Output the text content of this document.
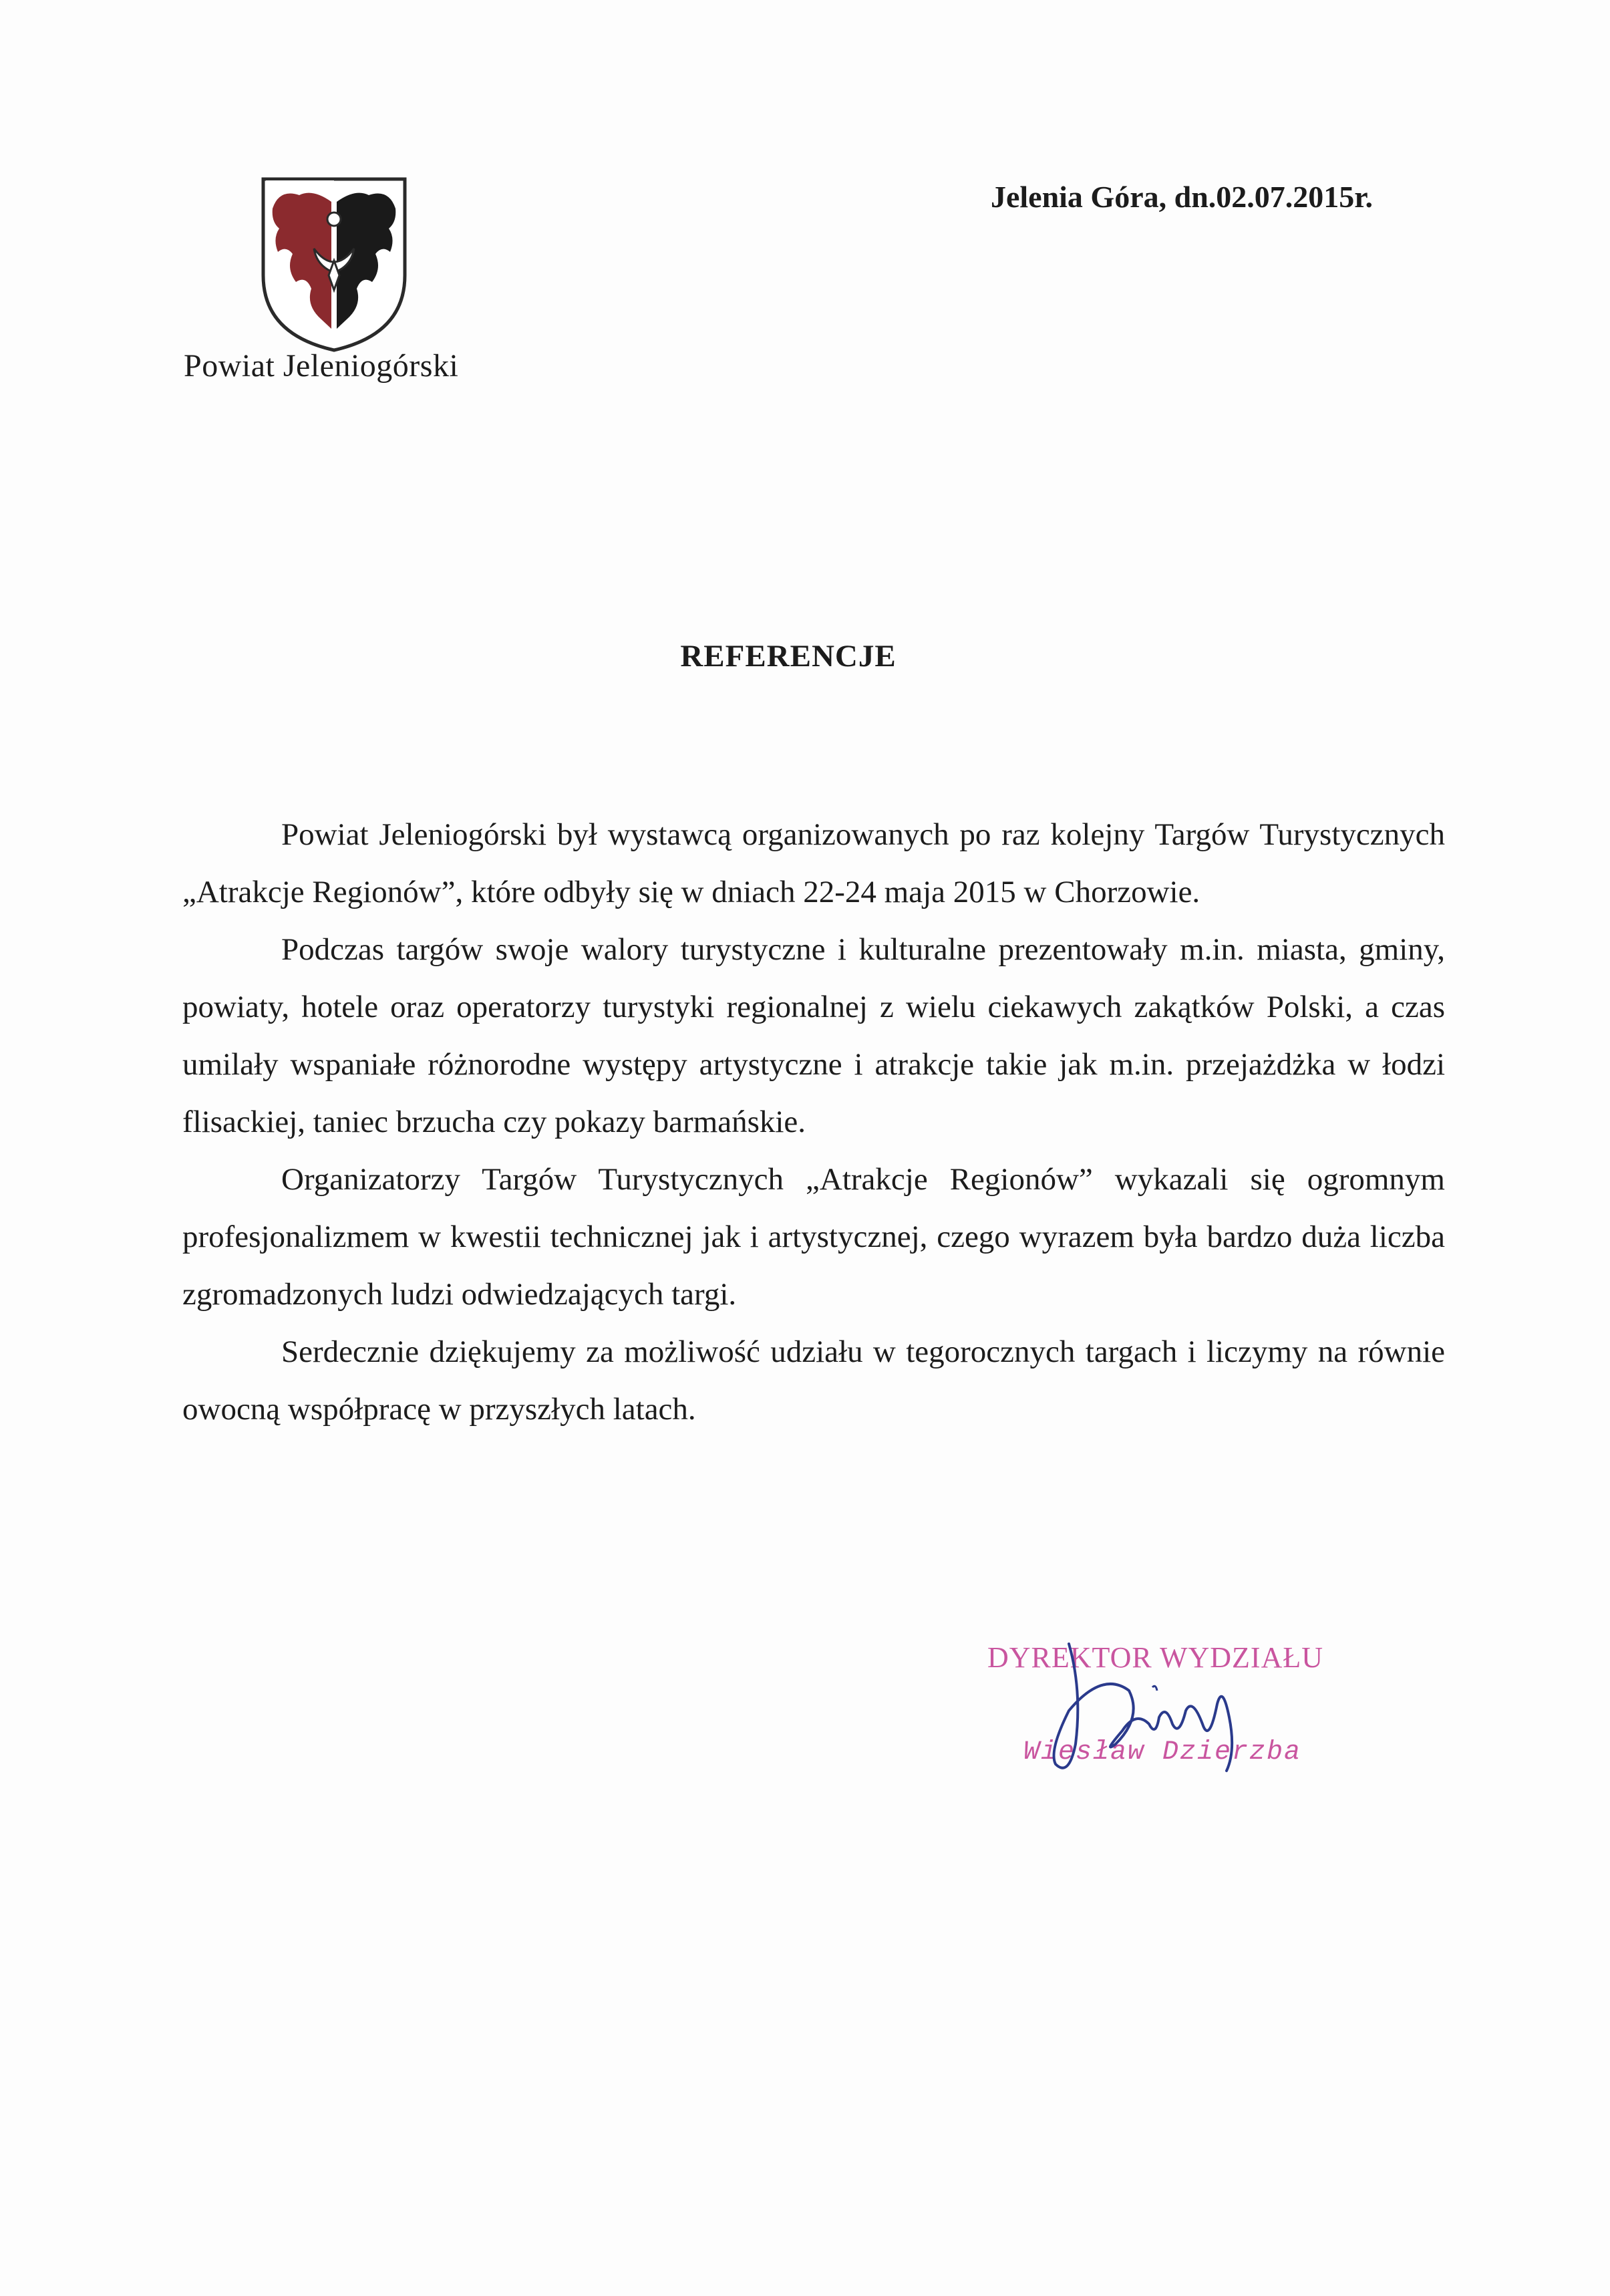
Powiat Jeleniogórski
Jelenia Góra, dn.02.07.2015r.
REFERENCJE

Powiat Jeleniogórski był wystawcą organizowanych po raz kolejny Targów Turystycznych „Atrakcje Regionów”, które odbyły się w dniach 22-24 maja 2015 w Chorzowie.

Podczas targów swoje walory turystyczne i kulturalne prezentowały m.in. miasta, gminy, powiaty, hotele oraz operatorzy turystyki regionalnej z wielu ciekawych zakątków Polski, a czas umilały wspaniałe różnorodne występy artystyczne i atrakcje takie jak m.in. przejażdżka w łodzi flisackiej, taniec brzucha czy pokazy barmańskie.

Organizatorzy Targów Turystycznych „Atrakcje Regionów” wykazali się ogromnym profesjonalizmem w kwestii technicznej jak i artystycznej, czego wyrazem była bardzo duża liczba zgromadzonych ludzi odwiedzających targi.

Serdecznie dziękujemy za możliwość udziału w tegorocznych targach i liczymy na równie owocną współpracę w przyszłych latach.

DYREKTOR WYDZIAŁU
Wiesław Dzierzba
